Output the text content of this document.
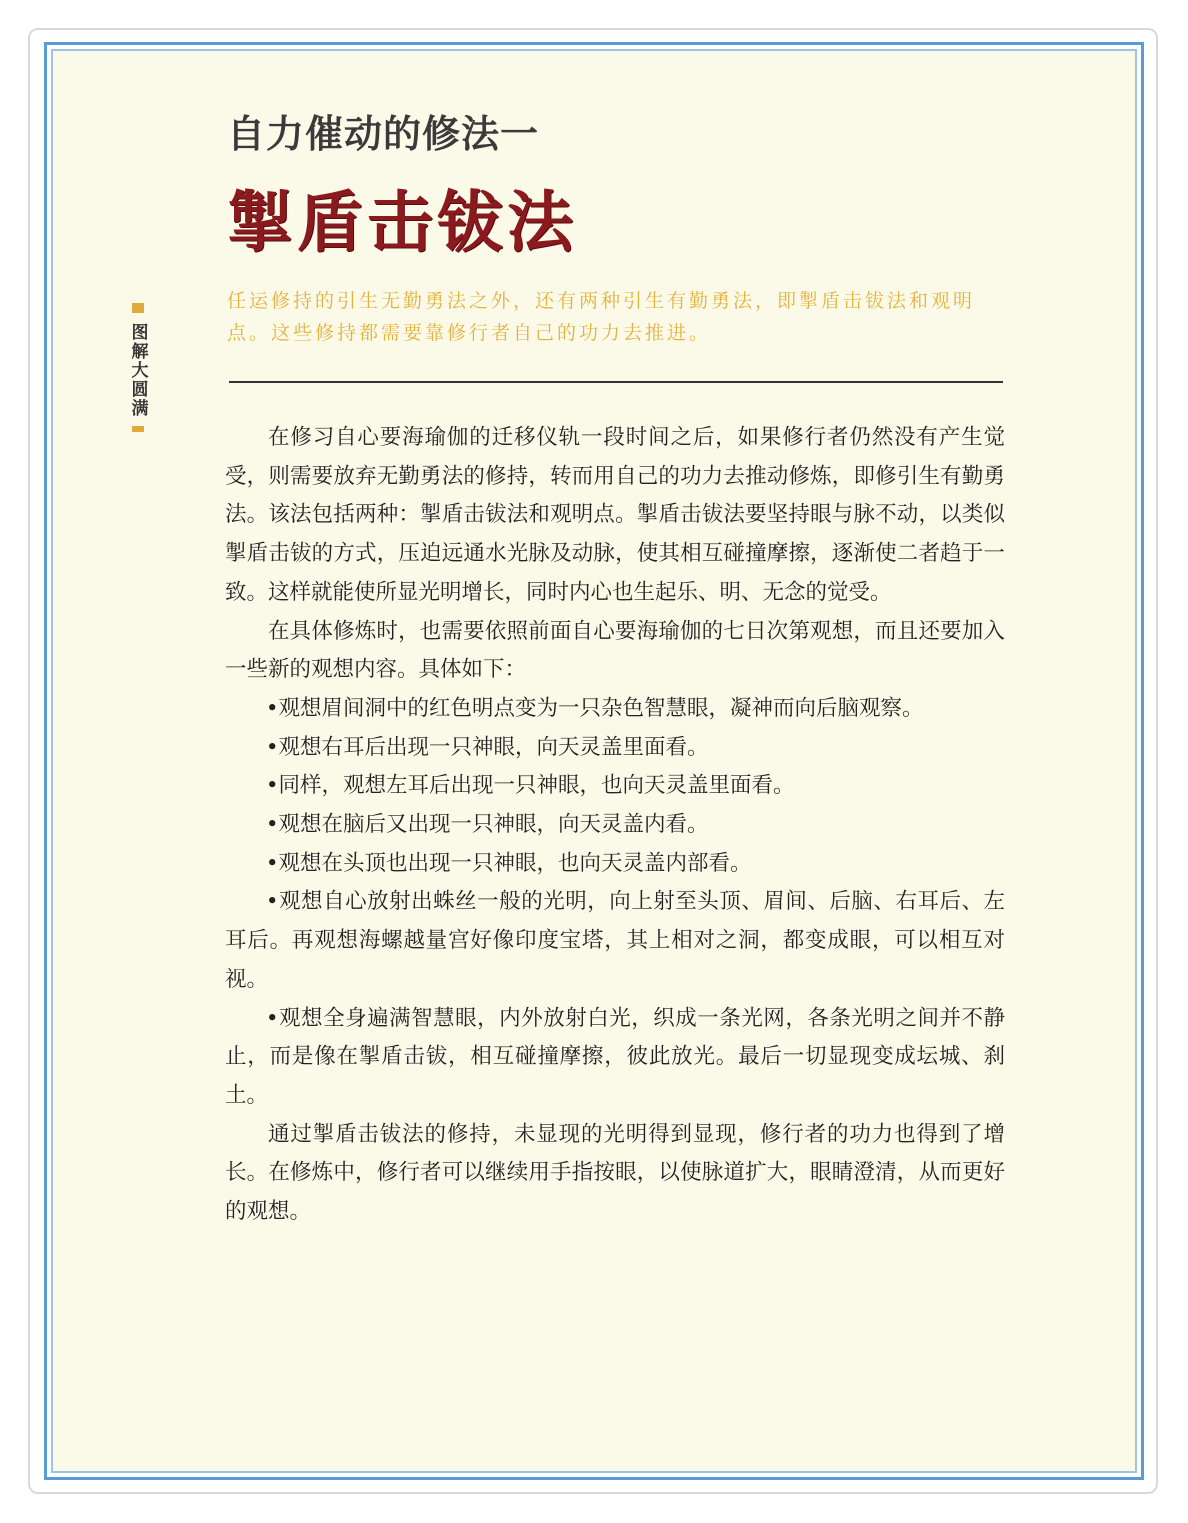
自力催动的修法一
掣盾击钹法

任运修持的引生无勤勇法之外，还有两种引生有勤勇法，即掣盾击钹法和观明点。这些修持都需要靠修行者自己的功力去推进。

图解大圆满

在修习自心要海瑜伽的迁移仪轨一段时间之后，如果修行者仍然没有产生觉受，则需要放弃无勤勇法的修持，转而用自己的功力去推动修炼，即修引生有勤勇法。该法包括两种：掣盾击钹法和观明点。掣盾击钹法要坚持眼与脉不动，以类似掣盾击钹的方式，压迫远通水光脉及动脉，使其相互碰撞摩擦，逐渐使二者趋于一致。这样就能使所显光明增长，同时内心也生起乐、明、无念的觉受。

在具体修炼时，也需要依照前面自心要海瑜伽的七日次第观想，而且还要加入一些新的观想内容。具体如下：

•观想眉间洞中的红色明点变为一只杂色智慧眼，凝神而向后脑观察。

•观想右耳后出现一只神眼，向天灵盖里面看。

•同样，观想左耳后出现一只神眼，也向天灵盖里面看。

•观想在脑后又出现一只神眼，向天灵盖内看。

•观想在头顶也出现一只神眼，也向天灵盖内部看。

•观想自心放射出蛛丝一般的光明，向上射至头顶、眉间、后脑、右耳后、左耳后。再观想海螺越量宫好像印度宝塔，其上相对之洞，都变成眼，可以相互对视。

•观想全身遍满智慧眼，内外放射白光，织成一条光网，各条光明之间并不静止，而是像在掣盾击钹，相互碰撞摩擦，彼此放光。最后一切显现变成坛城、刹土。

通过掣盾击钹法的修持，未显现的光明得到显现，修行者的功力也得到了增长。在修炼中，修行者可以继续用手指按眼，以使脉道扩大，眼睛澄清，从而更好的观想。
